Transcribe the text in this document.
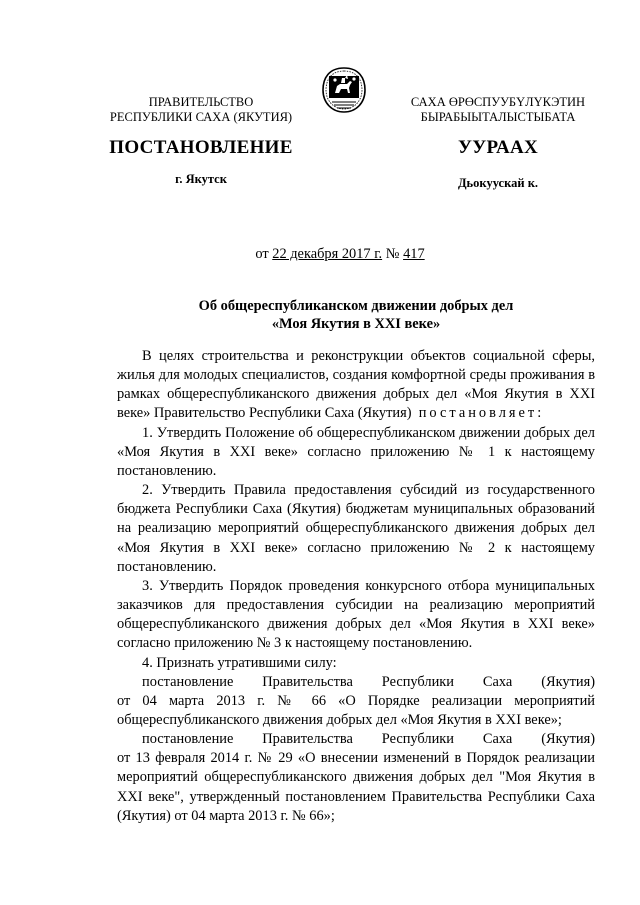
ПРАВИТЕЛЬСТВО
РЕСПУБЛИКИ САХА (ЯКУТИЯ)
САХА ӨРӨСПУУБҮЛҮКЭТИН
БЫРАБЫЫТАЛЫСТЫБАТА
ПОСТАНОВЛЕНИЕ	УУРААХ
г. Якутск	Дьокуускай к.
от 22 декабря 2017 г. № 417
Об общереспубликанском движении добрых дел
«Моя Якутия в XXI веке»

В целях строительства и реконструкции объектов социальной сферы, жилья для молодых специалистов, создания комфортной среды проживания в рамках общереспубликанского движения добрых дел «Моя Якутия в XXI веке» Правительство Республики Саха (Якутия) постановляет:

1. Утвердить Положение об общереспубликанском движении добрых дел «Моя Якутия в XXI веке» согласно приложению № 1 к настоящему постановлению.

2. Утвердить Правила предоставления субсидий из государственного бюджета Республики Саха (Якутия) бюджетам муниципальных образований на реализацию мероприятий общереспубликанского движения добрых дел «Моя Якутия в XXI веке» согласно приложению № 2 к настоящему постановлению.

3. Утвердить Порядок проведения конкурсного отбора муниципальных заказчиков для предоставления субсидии на реализацию мероприятий общереспубликанского движения добрых дел «Моя Якутия в XXI веке» согласно приложению № 3 к настоящему постановлению.

4. Признать утратившими силу:

постановление Правительства Республики Саха (Якутия)

от 04 марта 2013 г. № 66 «О Порядке реализации мероприятий общереспубликанского движения добрых дел «Моя Якутия в XXI веке»;

постановление Правительства Республики Саха (Якутия)

от 13 февраля 2014 г. № 29 «О внесении изменений в Порядок реализации мероприятий общереспубликанского движения добрых дел "Моя Якутия в XXI веке", утвержденный постановлением Правительства Республики Саха (Якутия) от 04 марта 2013 г. № 66»;
